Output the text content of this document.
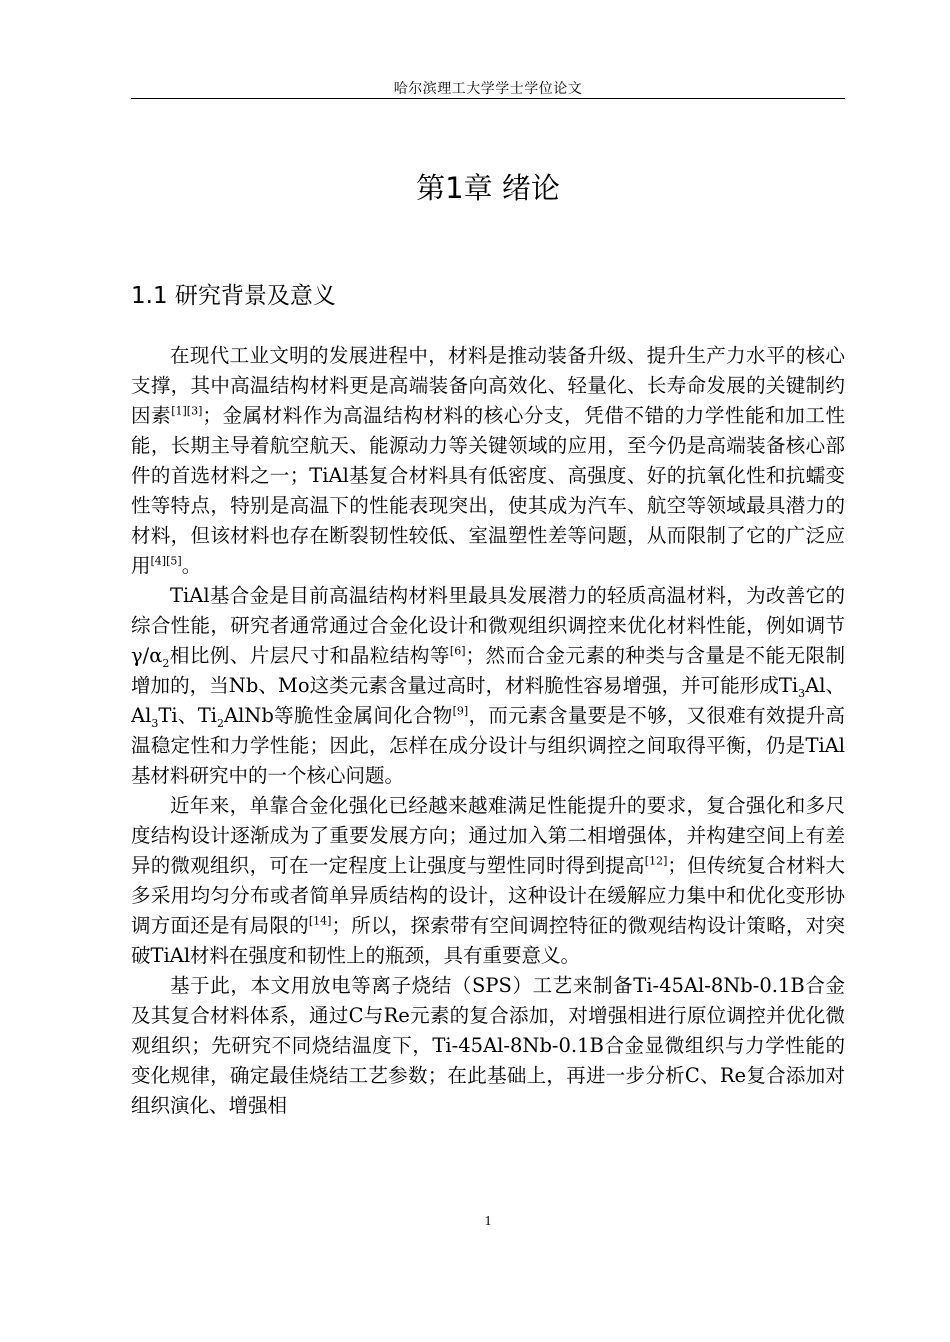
哈尔滨理工大学学士学位论文
第1章 绪论
1.1 研究背景及意义

在现代工业文明的发展进程中，材料是推动装备升级、提升生产力水平的核心支撑，其中高温结构材料更是高端装备向高效化、轻量化、长寿命发展的关键制约因素[1][3]；金属材料作为高温结构材料的核心分支，凭借不错的力学性能和加工性能，长期主导着航空航天、能源动力等关键领域的应用，至今仍是高端装备核心部件的首选材料之一；TiAl基复合材料具有低密度、高强度、好的抗氧化性和抗蠕变性等特点，特别是高温下的性能表现突出，使其成为汽车、航空等领域最具潜力的材料，但该材料也存在断裂韧性较低、室温塑性差等问题，从而限制了它的广泛应用[4][5]。

TiAl基合金是目前高温结构材料里最具发展潜力的轻质高温材料，为改善它的综合性能，研究者通常通过合金化设计和微观组织调控来优化材料性能，例如调节$\gamma/\alpha_2$相比例、片层尺寸和晶粒结构等[6]；然而合金元素的种类与含量是不能无限制增加的，当Nb、Mo这类元素含量过高时，材料脆性容易增强，并可能形成$Ti_3Al$、$Al_3Ti$、$Ti_2AlNb$等脆性金属间化合物[9]，而元素含量要是不够，又很难有效提升高温稳定性和力学性能；因此，怎样在成分设计与组织调控之间取得平衡，仍是TiAl基材料研究中的一个核心问题。

近年来，单靠合金化强化已经越来越难满足性能提升的要求，复合强化和多尺度结构设计逐渐成为了重要发展方向；通过加入第二相增强体，并构建空间上有差异的微观组织，可在一定程度上让强度与塑性同时得到提高[12]；但传统复合材料大多采用均匀分布或者简单异质结构的设计，这种设计在缓解应力集中和优化变形协调方面还是有局限的[14]；所以，探索带有空间调控特征的微观结构设计策略，对突破TiAl材料在强度和韧性上的瓶颈，具有重要意义。

基于此，本文用放电等离子烧结（SPS）工艺来制备Ti-45Al-8Nb-0.1B合金及其复合材料体系，通过C与Re元素的复合添加，对增强相进行原位调控并优化微观组织；先研究不同烧结温度下，Ti-45Al-8Nb-0.1B合金显微组织与力学性能的变化规律，确定最佳烧结工艺参数；在此基础上，再进一步分析C、Re复合添加对组织演化、增强相

1
